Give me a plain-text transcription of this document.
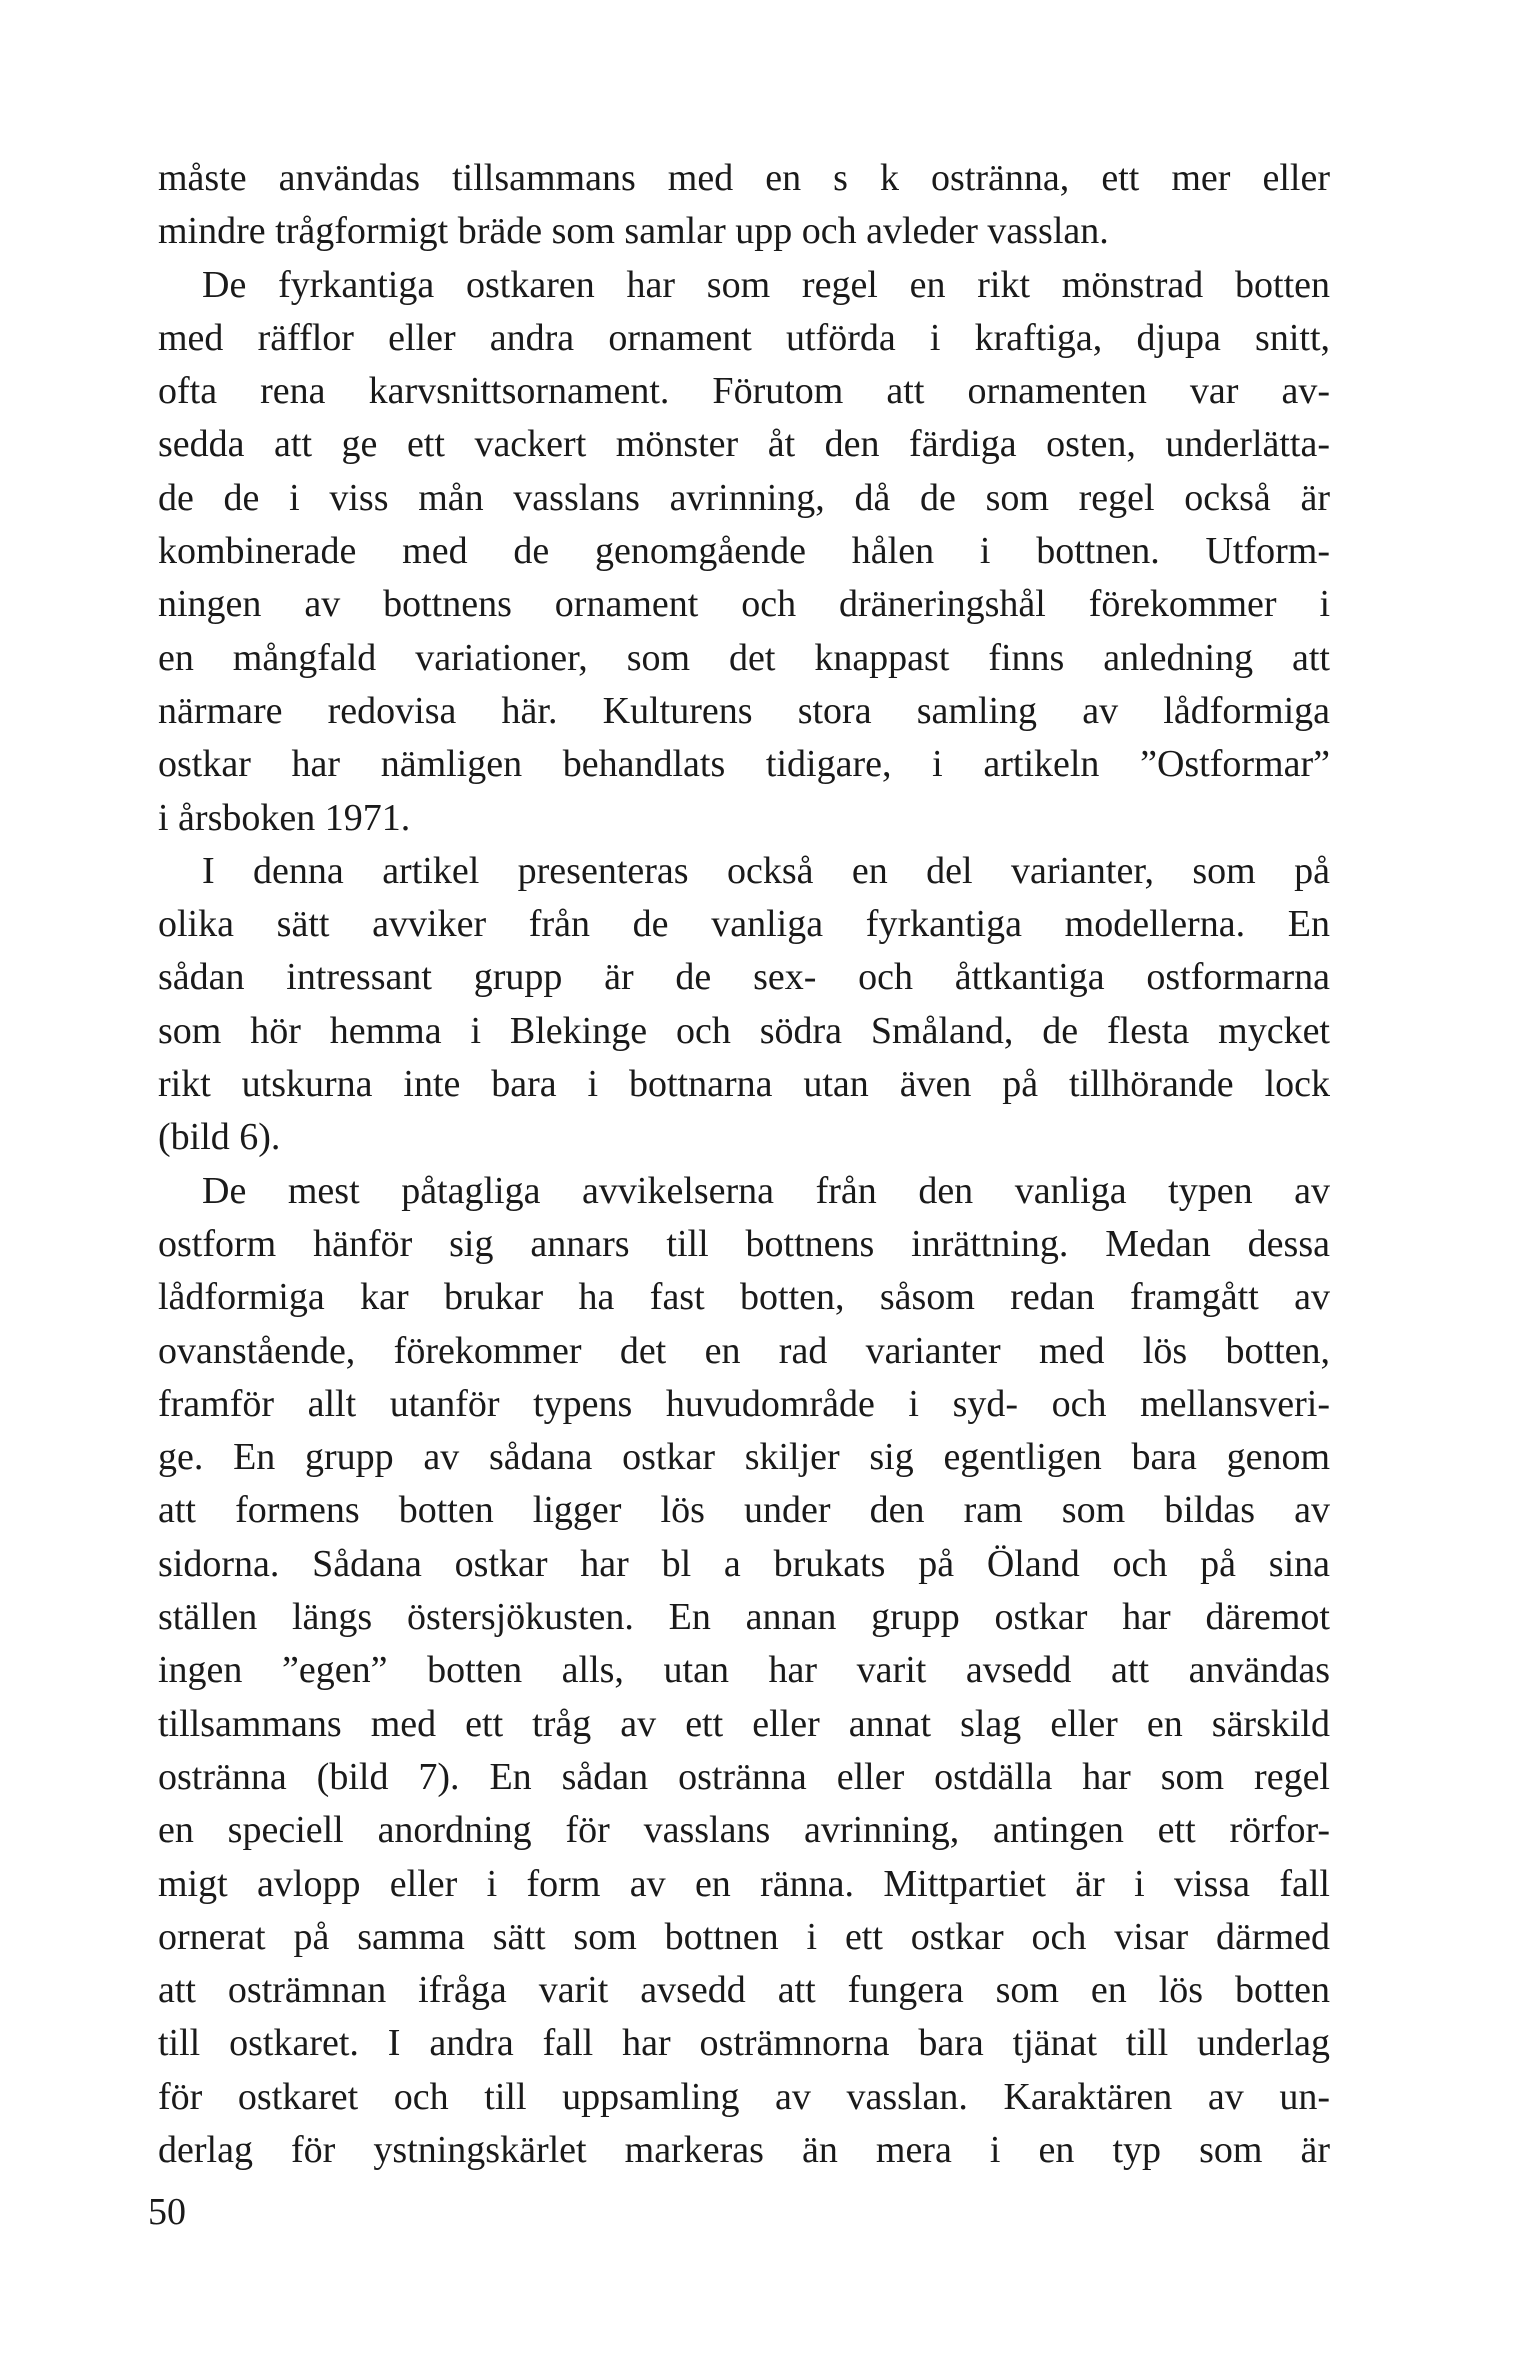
måste användas tillsammans med en s k ostränna, ett mer eller
mindre trågformigt bräde som samlar upp och avleder vasslan.
De fyrkantiga ostkaren har som regel en rikt mönstrad botten
med räfflor eller andra ornament utförda i kraftiga, djupa snitt,
ofta rena karvsnittsornament. Förutom att ornamenten var av-
sedda att ge ett vackert mönster åt den färdiga osten, underlätta-
de de i viss mån vasslans avrinning, då de som regel också är
kombinerade med de genomgående hålen i bottnen. Utform-
ningen av bottnens ornament och dräneringshål förekommer i
en mångfald variationer, som det knappast finns anledning att
närmare redovisa här. Kulturens stora samling av lådformiga
ostkar har nämligen behandlats tidigare, i artikeln ”Ostformar”
i årsboken 1971.
I denna artikel presenteras också en del varianter, som på
olika sätt avviker från de vanliga fyrkantiga modellerna. En
sådan intressant grupp är de sex- och åttkantiga ostformarna
som hör hemma i Blekinge och södra Småland, de flesta mycket
rikt utskurna inte bara i bottnarna utan även på tillhörande lock
(bild 6).
De mest påtagliga avvikelserna från den vanliga typen av
ostform hänför sig annars till bottnens inrättning. Medan dessa
lådformiga kar brukar ha fast botten, såsom redan framgått av
ovanstående, förekommer det en rad varianter med lös botten,
framför allt utanför typens huvudområde i syd- och mellansveri-
ge. En grupp av sådana ostkar skiljer sig egentligen bara genom
att formens botten ligger lös under den ram som bildas av
sidorna. Sådana ostkar har bl a brukats på Öland och på sina
ställen längs östersjökusten. En annan grupp ostkar har däremot
ingen ”egen” botten alls, utan har varit avsedd att användas
tillsammans med ett tråg av ett eller annat slag eller en särskild
ostränna (bild 7). En sådan ostränna eller ostdälla har som regel
en speciell anordning för vasslans avrinning, antingen ett rörfor-
migt avlopp eller i form av en ränna. Mittpartiet är i vissa fall
ornerat på samma sätt som bottnen i ett ostkar och visar därmed
att osträmnan ifråga varit avsedd att fungera som en lös botten
till ostkaret. I andra fall har osträmnorna bara tjänat till underlag
för ostkaret och till uppsamling av vasslan. Karaktären av un-
derlag för ystningskärlet markeras än mera i en typ som är
50
